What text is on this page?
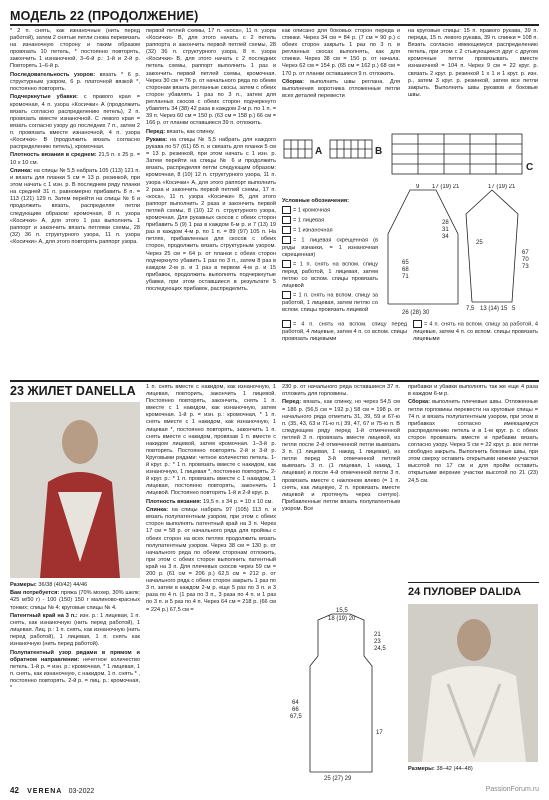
МОДЕЛЬ 22 (ПРОДОЛЖЕНИЕ)

* 2 п. снять, как изнаночные (нить перед работой), затем 2 снятые петли снова перевязать на изнаночную сторону и таким образом провязать 10 петель, * постоянно повторять, закончить 1 изнаночной, 3–6-й р.: 1-й и 2-й р. Повторять 1–6-й р.

Последовательность узоров: вязать * 6 р. структурным узором, 6 р. платочной вязкой *, постоянно повторять.

Подчеркнутые убавки: с правого края = кромочная, 4 п. узора «Косички» А (продолжить вязать согласно распределению петель), 2 п. провязать вместе изнаночной. С левого края = вязать согласно узору до последних 7 п., затем 2 п. провязать вместе изнаночной, 4 п. узора «Косички» В (продолжить вязать согласно распределению петель), кромочная.

Плотность вязания в среднем: 21,5 п. х 25 р. = 10 х 10 см.

Спинка: на спицы № 5,5 набрать 105 (113) 121 п. и вязать для планки 5 см = 13 р. резинкой, при этом начать с 1 изн. р. В последнем ряду планки на средней 31 п. равномерно прибавить 8 п. = 113 (121) 129 п. Затем перейти на спицы № 6 и продолжить вязать, распределяя петли следующим образом: кромочная, 8 п. узора «Косички» А, для этого 1 раз выполнить 1 раппорт и закончить вязать петлями схемы, 28 (32) 36 п. структурного узора, 11 п. узора «Косички» А, для этого повторять раппорт узора.

первой петлей схемы, 17 п. «коса», 11 п. узора «Косички» В, для этого начать с 2 петель раппорта и закончить первой петлей схемы, 28 (32) 36 п. структурного узора, 8 п. узора «Косички» В, для этого начать с 2 последних петель схемы, раппорт выполнить 1 раз и закончить первой петлей схемы, кромочная. Через 30 см = 76 р. от начального ряда по обеим сторонам вязать регланные скосы, затем с обеих сторон убавлять 1 раз по 3 п., затем для регланных скосов с обеих сторон подчеркнуто убавлять 34 (38) 42 раза в каждом 2-м р. по 1 п. = 39 п. Через 60 см = 150 р. (63 см = 158 р.) 66 см = 166 р. от планки оставшиеся 39 п. отложить.

Перед: вязать, как спинку.

Рукава: на спицы № 5,5 набрать для каждого рукава по 57 (61) 65 п. и связать для планки 5 см = 13 р. резинкой, при этом начать с 1 изн. р. Затем перейти на спицы № 6 и продолжить вязать, распределяя петли следующим образом: кромочная, 8 (10) 12 п. структурного узора, 11 п. узора «Косички» А, для этого раппорт выполнить 2 раза и закончить первой петлей схемы, 17 п. «коса», 11 п. узора «Косички» В, для этого раппорт выполнить 2 раза и закончить первой петлей схемы, 8 (10) 12 п. структурного узора, кромочная. Для рукавных скосов с обеих сторон прибавить 5 (9) 1 раз в каждом 6-м р. и 7 (13) 19 раз в каждом 4-м р. по 1 п. = 89 (97) 105 п. На петлях, прибавленных для скосов с обеих сторон, продолжить вязать структурным узором. Через 25 см = 64 р. от планки с обеих сторон подчеркнуто убавить 1 раз по 3 п., затем 8 раз в каждом 2-м р. и 1 раз в первом 4-м р. и 15 прибавок, продолжить выполнять подчеркнутые убавки, при этом оставшиеся в результате 5 последующих прибавок, распределить.

как описано для боковых сторон переда и спинки. Через 34 см = 84 р. (7 см = 90 р.) с обеих сторон закрыть 1 раз по 3 п. в регланных скосах выполнять, как для спинки. Через 38 см = 150 р. от начала. Через 62 см = 154 р. (65 см = 162 р.) 68 см = 170 р. от планки оставшиеся 9 п. отложить.

Сборка: выполнить швы реглана. Для выполнения воротника отложенные петли всех деталей перевести

на круговые спицы: 15 п. правого рукава, 39 п. переда, 15 п. левого рукава, 39 п. спинки = 108 п. Вязать согласно имеющемуся распределению петель, при этом с 2 стыкующиеся друг с другом кромочные петли провязывать вместе изнаночной = 104 п. Через 9 см = 22 круг. р. связать 2 круг. р. резинкой 1 х 1 и 1 круг. р. изн. р., затем 3 круг. р. резинкой, затем все петли закрыть. Выполнить швы рукавов и боковые швы.

А	В
С

Условные обозначения:

= 1 кромочная

= 1 лицевая

= 1 изнаночная

= 1 лицевая скрещенная (в ряды изнанки, = 1 изнаночная скрещенная)

= 1 п. снять на вспом. спицу перед работой, 1 лицевая, затем петлю со вспом. спицы провязать лицевой

= 1 п. снять на вспом. спицу за работой, 1 лицевая, затем петлю со вспом. спицы провязать лицевой

= 4 п. снять на вспом. спицу перед работой, 4 лицевые, затем 4 п. со вспом. спицы провязать лицевыми

= 4 п. снять на вспом. спицу за работой, 4 лицевые, затем 4 п. со вспом. спицы провязать лицевыми

9 17 (19) 21
28
31
34
65
68
71
26 (28) 30
17 (19) 21
25
67
70
73
7,5 13 (14) 15 5
23 ЖИЛЕТ DANELLA

Размеры: 36/38 (40/42) 44/46

Вам потребуется: пряжа (70% мохер, 30% шелк; 425 м/50 г) - 100 (150) 150 г малиново-красных тонких; спицы № 4; круговые спицы № 4.

Патентный край на 3 п.: изн. р.: 1 лицевая, 1 п. снять, как изнаночную (нить перед работой), 1 лицевая. Лиц. р.: 1 п. снять, как изнаночную (нить перед работой), 1 лицевая, 1 п. снять как изнаночную (нить перед работой).

Полупатентный узор рядами в прямом и обратном направлении: нечетное количество петель. 1-й р. = изн. р.: кромочная, * 1 лицевая, 1 п. снять, как изнаночную, с накидом, 1 п. снять * , постоянно повторять. 2-й р. = лиц. р.: кромочная, *

1 п. снять вместе с накидом, как изнаночную, 1 лицевая, повторить, закончить 1 лицевой. Постоянно повторять, закончить, снять 1 п. вместе с 1 накидом, как изнаночную, затем кромочная. 1-й р. = изн. р.: кромочная, * 1 п. снять вместе с 1 накидом, как изнаночную, 1 лицевая *, постоянно повторять, закончить 1 п. снять вместе с накидом, провязав 1 п. вместе с накидом лицевой, затем кромочная. 1–3-й р. повторять. Постоянно повторять 2-й и 3-й р. Круговыми рядами: четное количество петель. 1-й круг. р.: * 1 п. провязать вместе с накидом, как изнаночную, 1 лицевая *, постоянно повторять. 2-й круг. р.: * 1 п. провязать вместе с 1 накидом, 1 лицевая, постоянно повторять, закончить 1 лицевой. Постоянно повторять 1-й и 2-й круг. р.

Плотность вязания: 19,5 п. х 34 р. = 10 х 10 см.

Спинка: на спицы набрать 97 (105) 113 п. и вязать полупатентным узором, при этом с обеих сторон выполнять патентный край на 3 п. Через 17 см = 58 р. от начального ряда для проймы с обеих сторон на всех петлях продолжить вязать полупатентным узором. Через 38 см = 130 р. от начального ряда по обеим сторонам отложить, при этом с обеих сторон выполнить патентный край на 3 п. Для плечевых скосов через 59 см = 200 р. (61 см = 206 р.) 62,5 см = 212 р. от начального ряда с обеих сторон закрыть 1 раз по 3 п. затем в каждом 2-м р. еще 5 раз по 3 п. и 3 раза по 4 п. (1 раз по 3 п., 3 раза по 4 п. и 1 раз по 3 п. и 5 раз по 4 п. Через 64 см = 218 р. (66 см = 224 р.) 67,5 см =

230 р. от начального ряда оставшиеся 37 п. отложить для горловины.

Перед: вязать, как спинку, но через 54,5 см = 186 р. (56,5 см = 192 р.) 58 см = 198 р. от начального ряда отметить 31, 39, 59 и 67-ю п. (35, 43, 63 и 71-ю п.) 39, 47, 67 и 75-ю п. В следующем ряду перед 1-й отмеченной петлей 3 п. провязать вместе лицевой, из петли после 2-й отмеченной петли вывязать 3 п. (1 лицевая, 1 накид, 1 лицевая), из петли перед 3-й отмеченной петлей вывязать 3 п. (1 лицевая, 1 накид, 1 лицевая) и после 4-й отмеченной петли 3 п. провязать вместе с наклоном влево (= 1 п. снять, как лицевую, 2 п. провязать вместе лицевой и протянуть через снятую). Прибавленные петли вязать полупатентным узором. Все

15,5
18 (19) 20
21
23
24,5
64
66
67,5
17
25 (27) 29

прибавки и убавки выполнять так же еще 4 раза в каждом 6-м р.

Сборка: выполнить плечевые швы. Отложенные петли горловины перевести на круговые спицы = 74 п. и вязать полупатентным узором, при этом в прибавках согласно имеющемуся распределению петель и в 1-м круг. р. с обеих сторон провязать вместе и прибавки вязать согласно узору. Через 5 см = 22 круг. р. все петли свободно закрыть. Выполнить боковые швы, при этом сверху оставить открытыми нижние участки высотой по 17 см и для пройм оставить открытыми верхние участки высотой по 21 (23) 24,5 см.

24 ПУЛОВЕР DALIDA
Размеры: 38–42 (44–48)
42 VERENA 03-2022	PassionForum.ru
